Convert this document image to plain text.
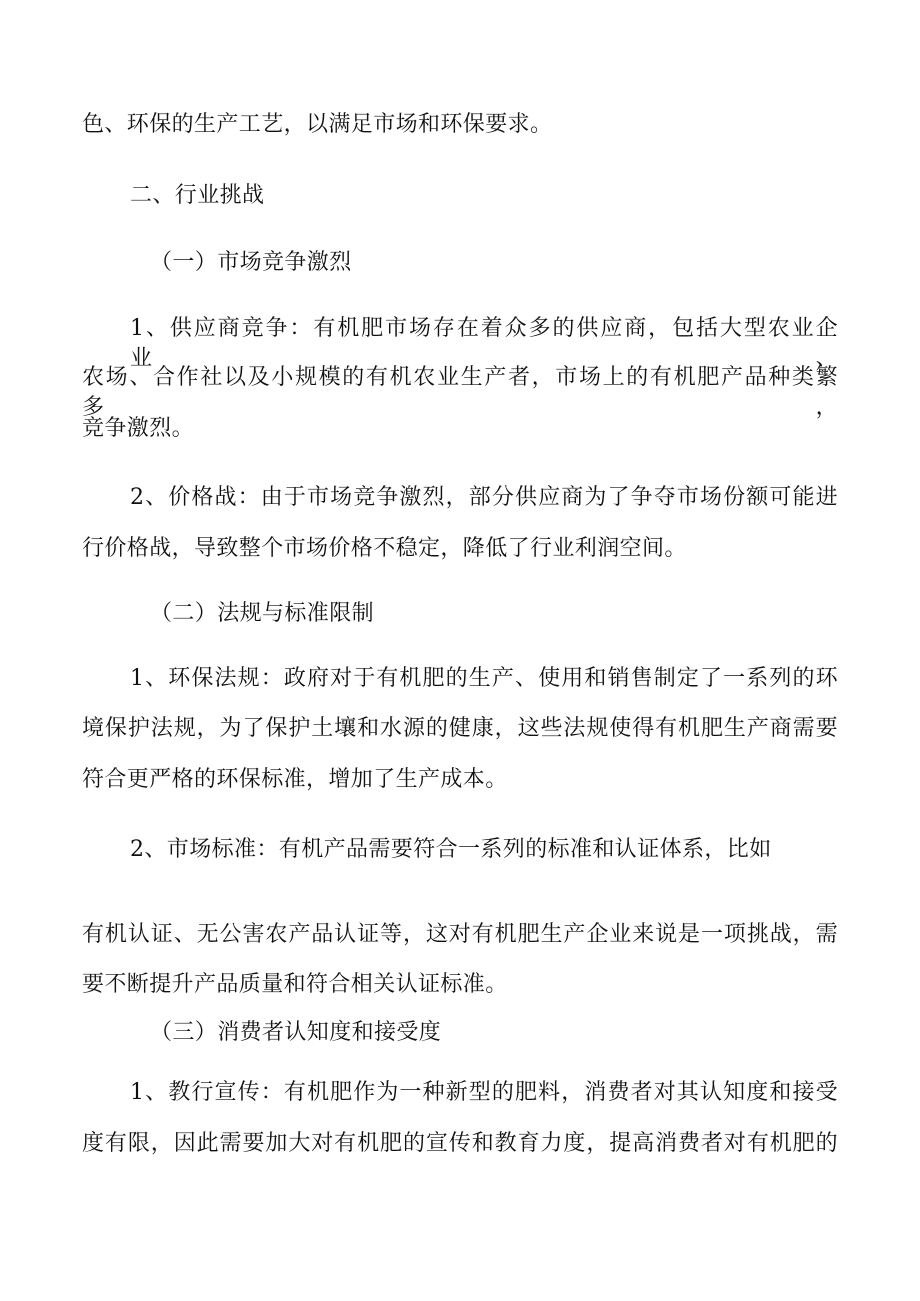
色、环保的生产工艺，以满足市场和环保要求。
二、行业挑战
（一）市场竞争激烈
1、供应商竞争：有机肥市场存在着众多的供应商，包括大型农业企业、
农场、合作社以及小规模的有机农业生产者，市场上的有机肥产品种类繁多，
竞争激烈。
2、价格战：由于市场竞争激烈，部分供应商为了争夺市场份额可能进
行价格战，导致整个市场价格不稳定，降低了行业利润空间。
（二）法规与标准限制
1、环保法规：政府对于有机肥的生产、使用和销售制定了一系列的环
境保护法规，为了保护土壤和水源的健康，这些法规使得有机肥生产商需要
符合更严格的环保标准，增加了生产成本。
2、市场标准：有机产品需要符合一系列的标准和认证体系，比如
有机认证、无公害农产品认证等，这对有机肥生产企业来说是一项挑战，需
要不断提升产品质量和符合相关认证标准。
（三）消费者认知度和接受度
1、教行宣传：有机肥作为一种新型的肥料，消费者对其认知度和接受
度有限，因此需要加大对有机肥的宣传和教育力度，提高消费者对有机肥的
